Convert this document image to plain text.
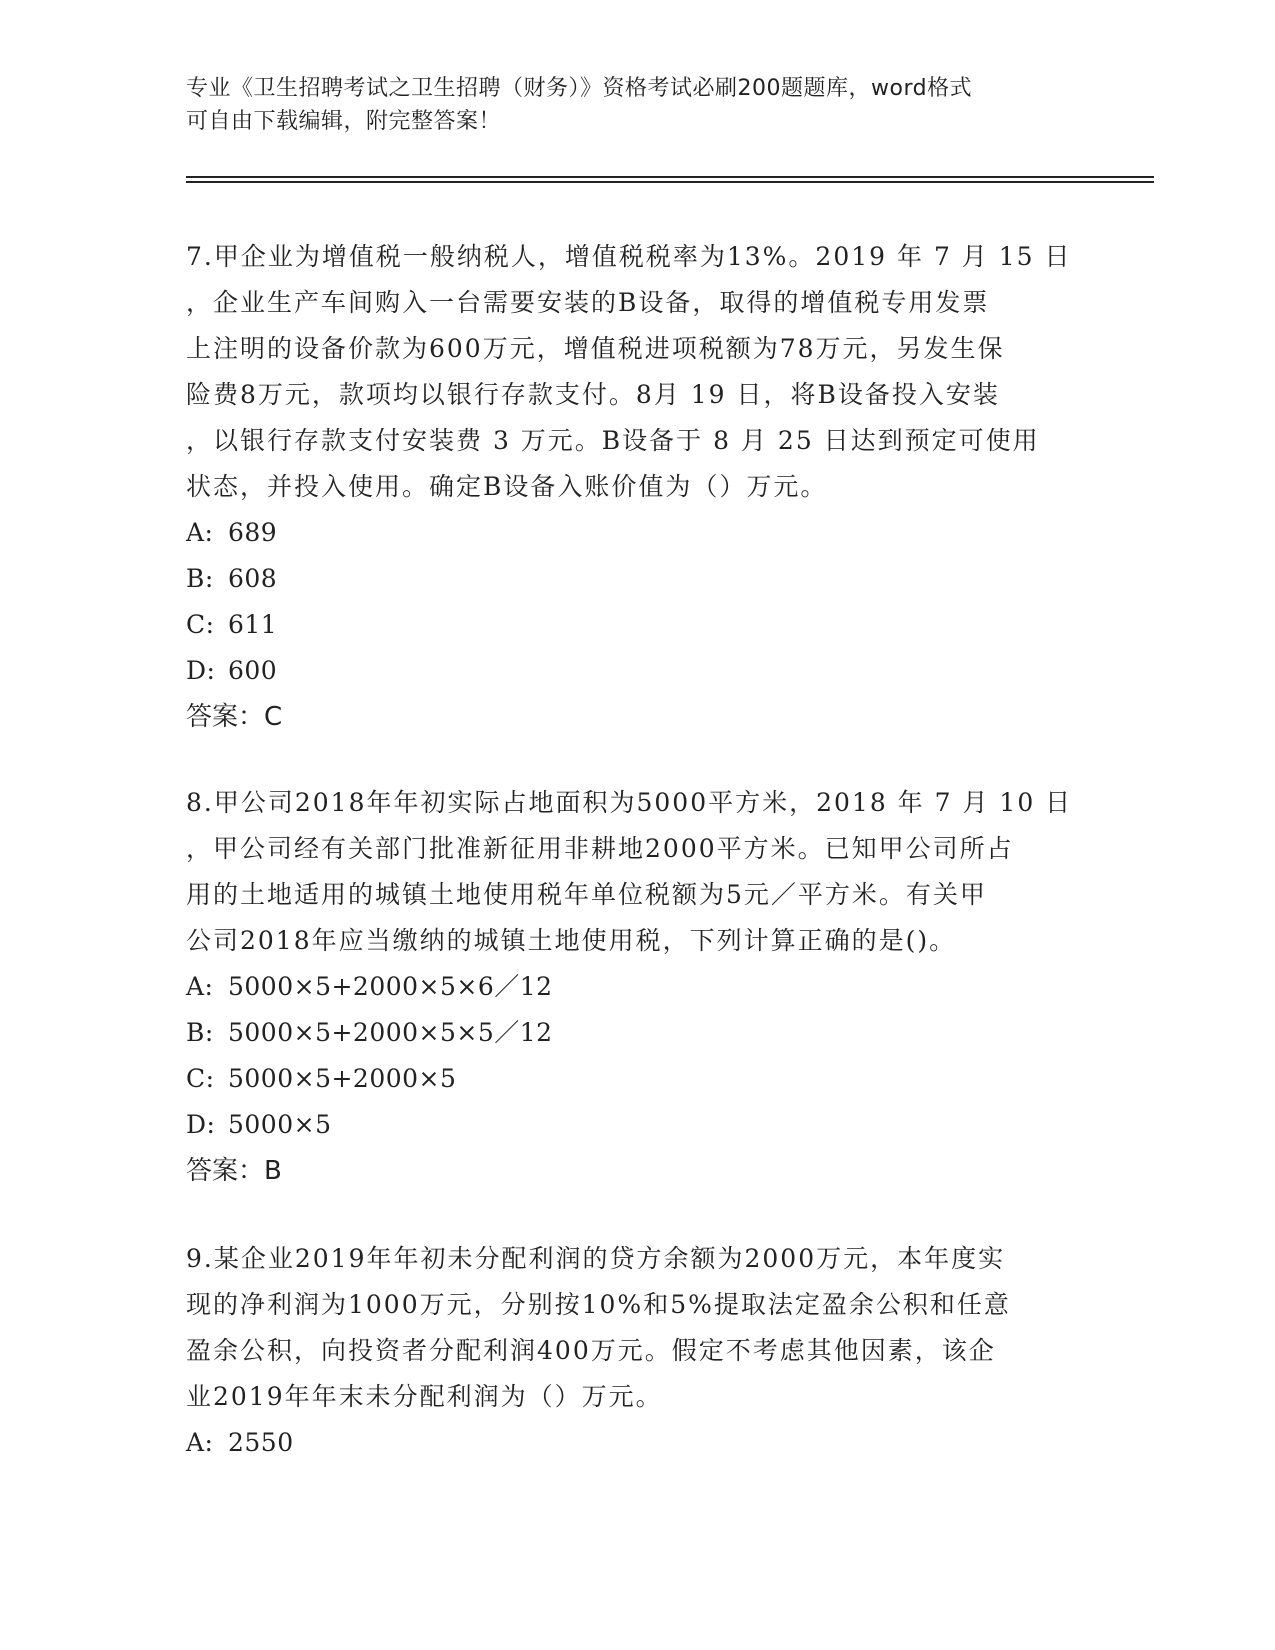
专业《卫生招聘考试之卫生招聘（财务）》资格考试必刷200题题库，word格式
可自由下载编辑，附完整答案！
7.甲企业为增值税一般纳税人，增值税税率为13%。2019 年 7 月 15 日
，企业生产车间购入一台需要安装的B设备，取得的增值税专用发票
上注明的设备价款为600万元，增值税进项税额为78万元，另发生保
险费8万元，款项均以银行存款支付。8月 19 日，将B设备投入安装
，以银行存款支付安装费 3 万元。B设备于 8 月 25 日达到预定可使用
状态，并投入使用。确定B设备入账价值为（）万元。
A: 689
B: 608
C: 611
D: 600
答案：C
8.甲公司2018年年初实际占地面积为5000平方米，2018 年 7 月 10 日
，甲公司经有关部门批准新征用非耕地2000平方米。已知甲公司所占
用的土地适用的城镇土地使用税年单位税额为5元／平方米。有关甲
公司2018年应当缴纳的城镇土地使用税，下列计算正确的是()。
A: 5000×5+2000×5×6／12
B: 5000×5+2000×5×5／12
C: 5000×5+2000×5
D: 5000×5
答案：B
9.某企业2019年年初未分配利润的贷方余额为2000万元，本年度实
现的净利润为1000万元，分别按10%和5%提取法定盈余公积和任意
盈余公积，向投资者分配利润400万元。假定不考虑其他因素，该企
业2019年年末未分配利润为（）万元。
A: 2550
